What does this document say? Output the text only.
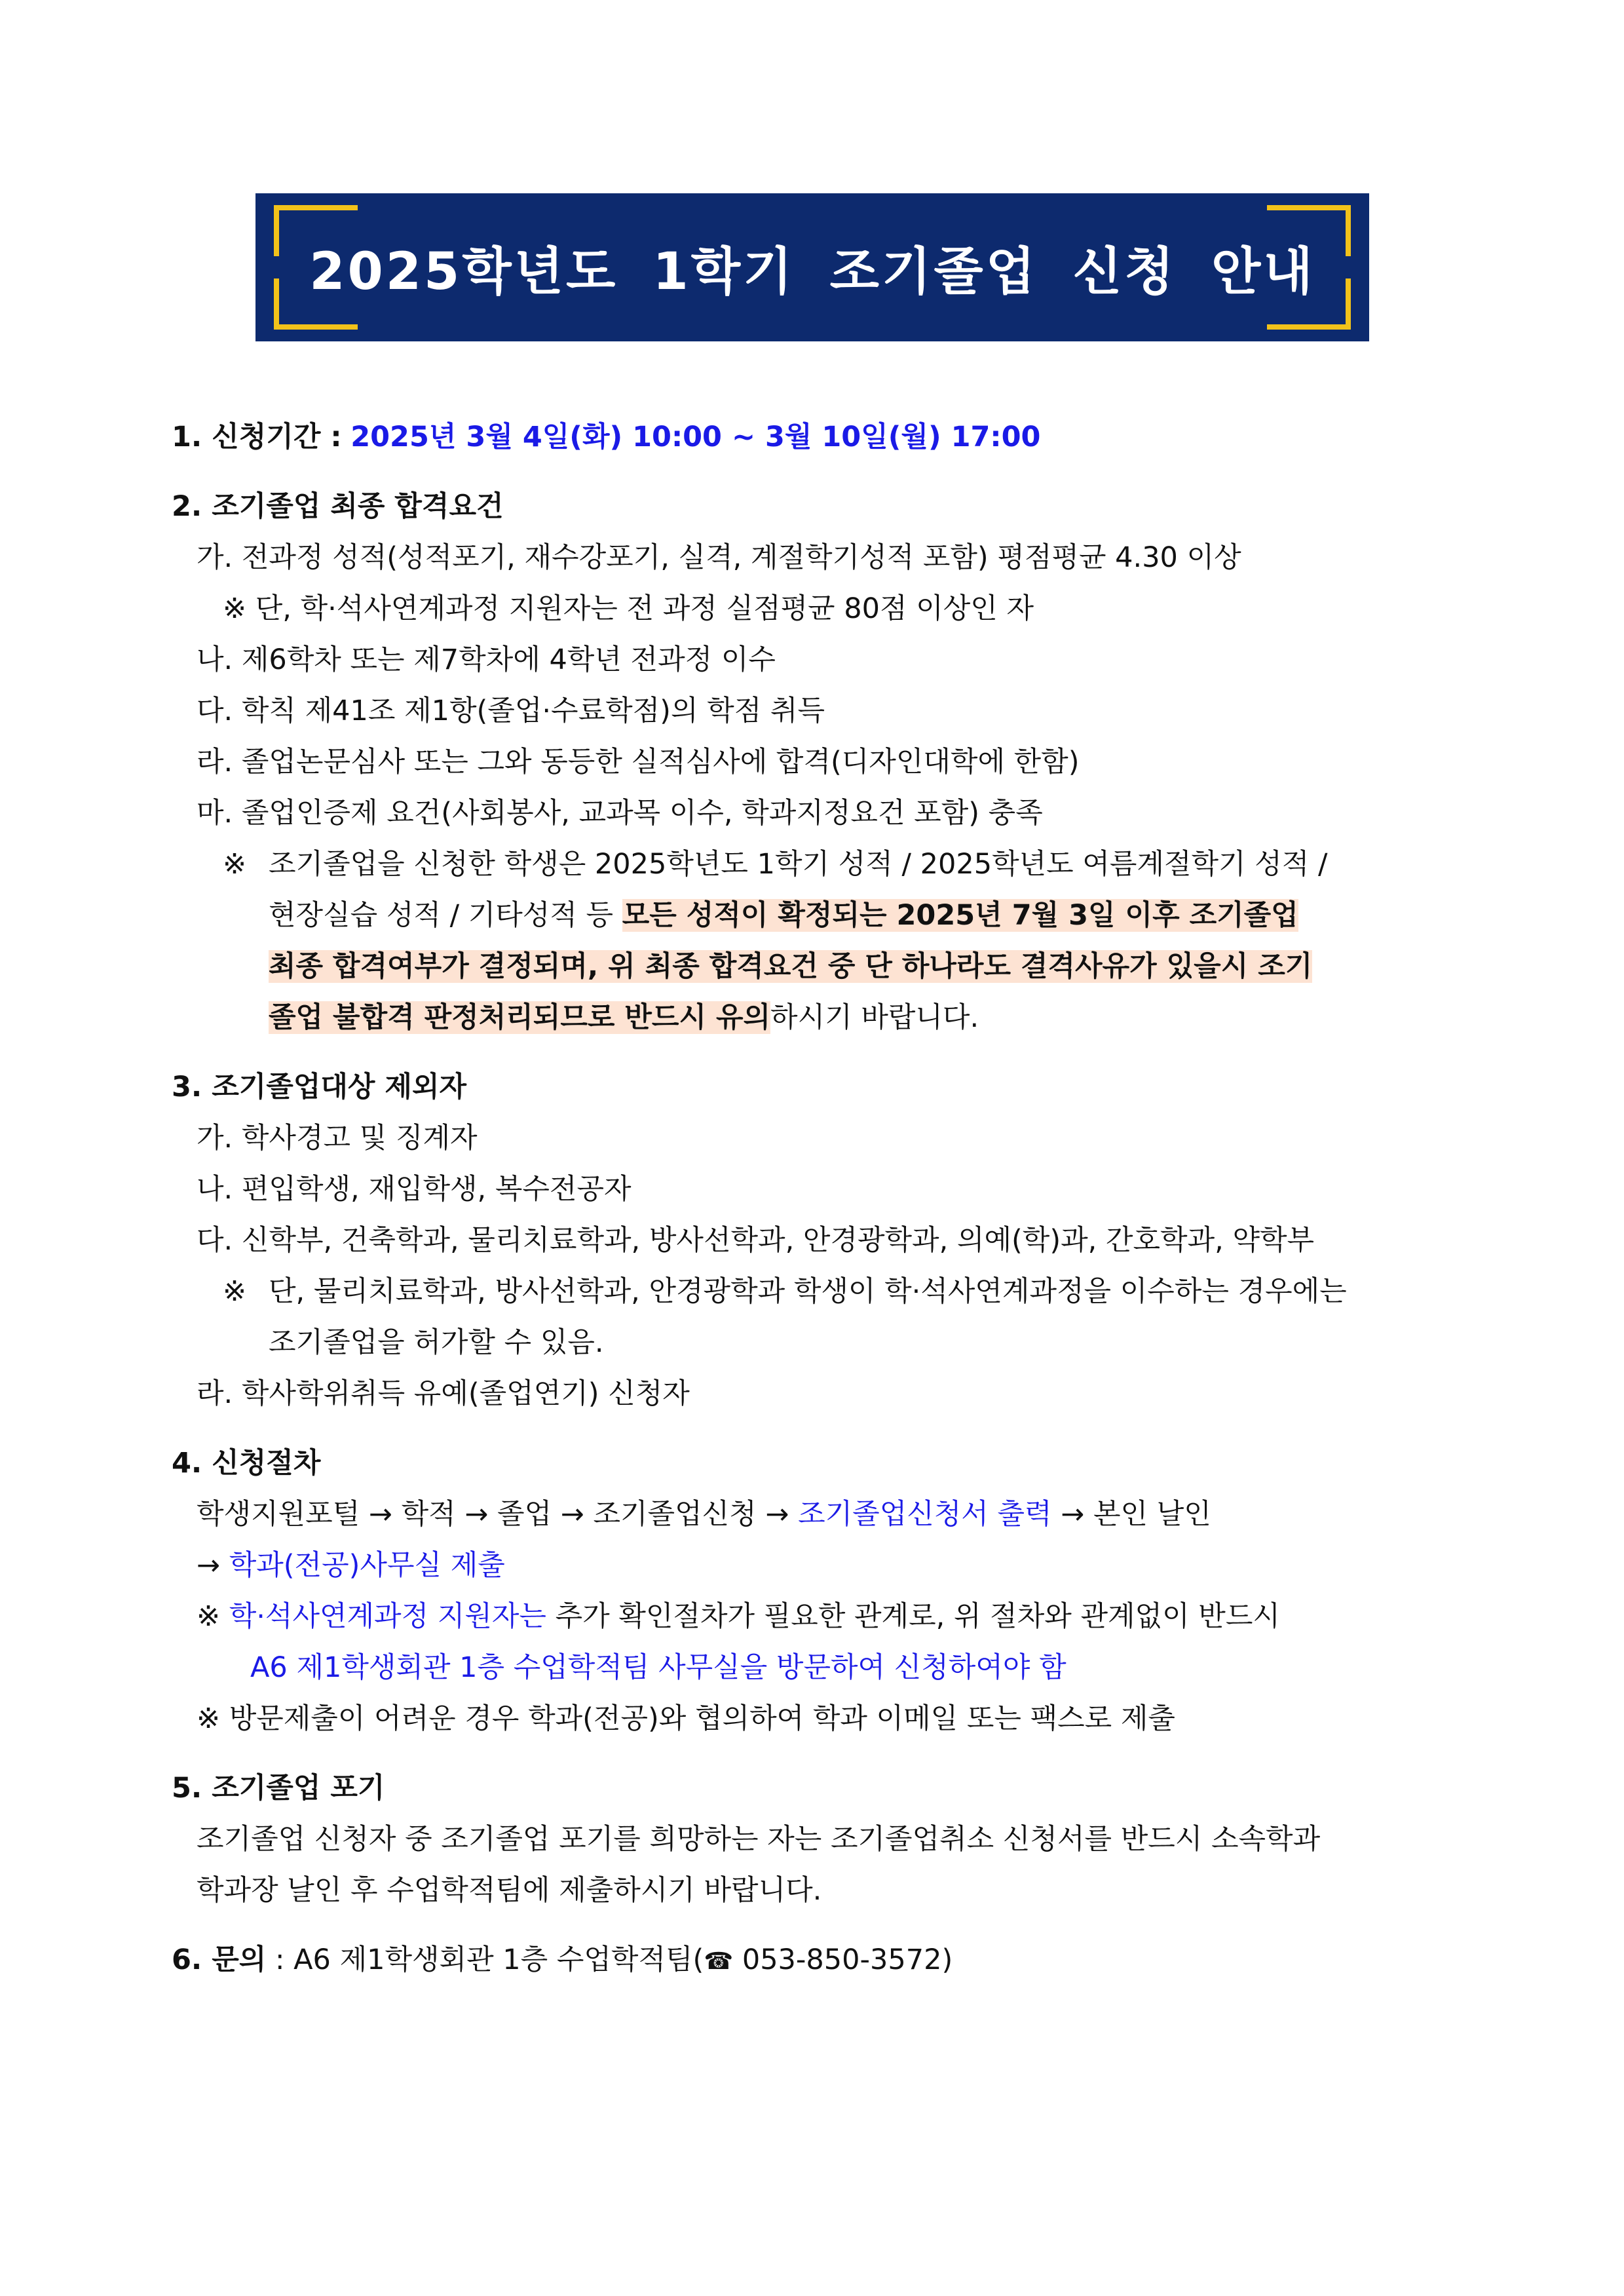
2025학년도 1학기 조기졸업 신청 안내
1. 신청기간 : 2025년 3월 4일(화) 10:00 ~ 3월 10일(월) 17:00
2. 조기졸업 최종 합격요건
가. 전과정 성적(성적포기, 재수강포기, 실격, 계절학기성적 포함) 평점평균 4.30 이상
※ 단, 학·석사연계과정 지원자는 전 과정 실점평균 80점 이상인 자
나. 제6학차 또는 제7학차에 4학년 전과정 이수
다. 학칙 제41조 제1항(졸업·수료학점)의 학점 취득
라. 졸업논문심사 또는 그와 동등한 실적심사에 합격(디자인대학에 한함)
마. 졸업인증제 요건(사회봉사, 교과목 이수, 학과지정요건 포함) 충족
※ 조기졸업을 신청한 학생은 2025학년도 1학기 성적 / 2025학년도 여름계절학기 성적 /
현장실습 성적 / 기타성적 등 모든 성적이 확정되는 2025년 7월 3일 이후 조기졸업
최종 합격여부가 결정되며, 위 최종 합격요건 중 단 하나라도 결격사유가 있을시 조기
졸업 불합격 판정처리되므로 반드시 유의하시기 바랍니다.
3. 조기졸업대상 제외자
가. 학사경고 및 징계자
나. 편입학생, 재입학생, 복수전공자
다. 신학부, 건축학과, 물리치료학과, 방사선학과, 안경광학과, 의예(학)과, 간호학과, 약학부
※ 단, 물리치료학과, 방사선학과, 안경광학과 학생이 학·석사연계과정을 이수하는 경우에는
조기졸업을 허가할 수 있음.
라. 학사학위취득 유예(졸업연기) 신청자
4. 신청절차
학생지원포털 → 학적 → 졸업 → 조기졸업신청 → 조기졸업신청서 출력 → 본인 날인
→ 학과(전공)사무실 제출
※ 학·석사연계과정 지원자는 추가 확인절차가 필요한 관계로, 위 절차와 관계없이 반드시
A6 제1학생회관 1층 수업학적팀 사무실을 방문하여 신청하여야 함
※ 방문제출이 어려운 경우 학과(전공)와 협의하여 학과 이메일 또는 팩스로 제출
5. 조기졸업 포기
조기졸업 신청자 중 조기졸업 포기를 희망하는 자는 조기졸업취소 신청서를 반드시 소속학과
학과장 날인 후 수업학적팀에 제출하시기 바랍니다.
6. 문의 : A6 제1학생회관 1층 수업학적팀(☎ 053-850-3572)
